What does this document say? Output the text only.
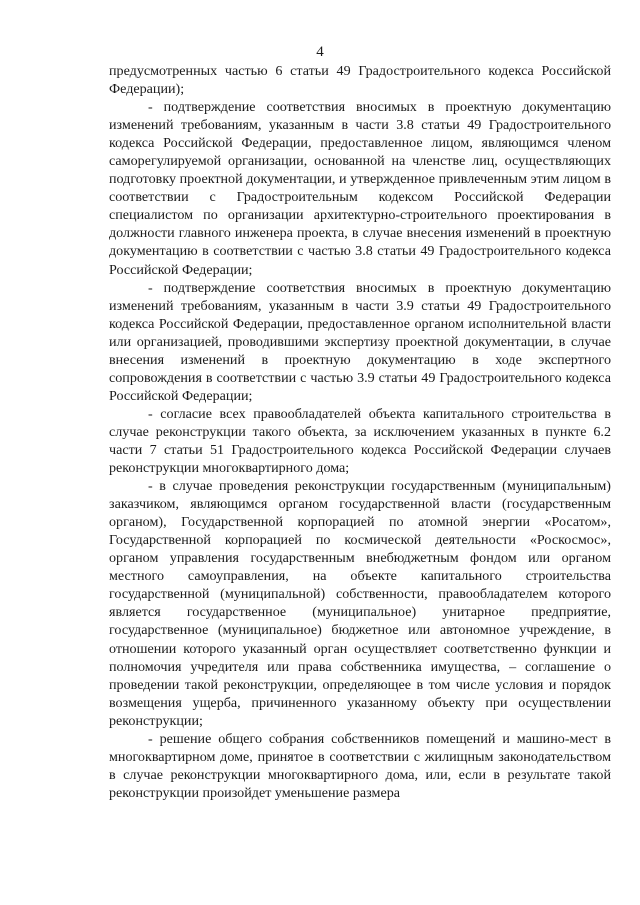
4

предусмотренных частью 6 статьи 49 Градостроительного кодекса Российской Федерации);

- подтверждение соответствия вносимых в проектную документацию изменений требованиям, указанным в части 3.8 статьи 49 Градостроительного кодекса Российской Федерации, предоставленное лицом, являющимся членом саморегулируемой организации, основанной на членстве лиц, осуществляющих подготовку проектной документации, и утвержденное привлеченным этим лицом в соответствии с Градостроительным кодексом Российской Федерации специалистом по организации архитектурно-строительного проектирования в должности главного инженера проекта, в случае внесения изменений в проектную документацию в соответствии с частью 3.8 статьи 49 Градостроительного кодекса Российской Федерации;

- подтверждение соответствия вносимых в проектную документацию изменений требованиям, указанным в части 3.9 статьи 49 Градостроительного кодекса Российской Федерации, предоставленное органом исполнительной власти или организацией, проводившими экспертизу проектной документации, в случае внесения изменений в проектную документацию в ходе экспертного сопровождения в соответствии с частью 3.9 статьи 49 Градостроительного кодекса Российской Федерации;

- согласие всех правообладателей объекта капитального строительства в случае реконструкции такого объекта, за исключением указанных в пункте 6.2 части 7 статьи 51 Градостроительного кодекса Российской Федерации случаев реконструкции многоквартирного дома;

- в случае проведения реконструкции государственным (муниципальным) заказчиком, являющимся органом государственной власти (государственным органом), Государственной корпорацией по атомной энергии «Росатом», Государственной корпорацией по космической деятельности «Роскосмос», органом управления государственным внебюджетным фондом или органом местного самоуправления, на объекте капитального строительства государственной (муниципальной) собственности, правообладателем которого является государственное (муниципальное) унитарное предприятие, государственное (муниципальное) бюджетное или автономное учреждение, в отношении которого указанный орган осуществляет соответственно функции и полномочия учредителя или права собственника имущества, – соглашение о проведении такой реконструкции, определяющее в том числе условия и порядок возмещения ущерба, причиненного указанному объекту при осуществлении реконструкции;

- решение общего собрания собственников помещений и машино-мест в многоквартирном доме, принятое в соответствии с жилищным законодательством в случае реконструкции многоквартирного дома, или, если в результате такой реконструкции произойдет уменьшение размера
